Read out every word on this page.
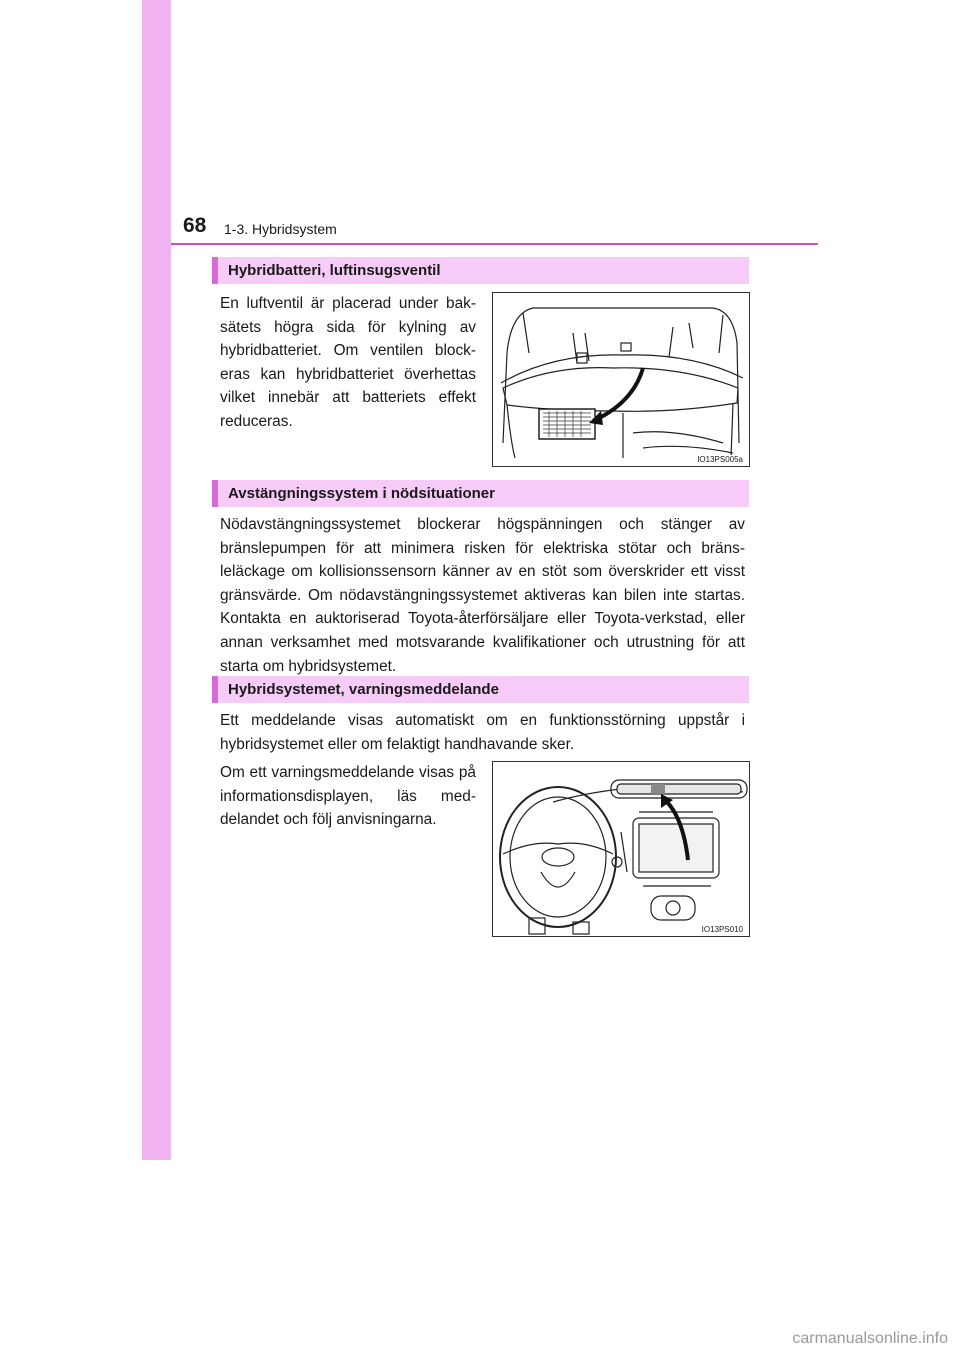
68 1-3. Hybridsystem
Hybridbatteri, luftinsugsventil

En luftventil är placerad under baksätets högra sida för kylning av hybridbatteriet. Om ventilen blockeras kan hybridbatteriet överhettas vilket innebär att batteriets effekt reduceras.

IO13PS005a
Avstängningssystem i nödsituationer

Nödavstängningssystemet blockerar högspänningen och stänger av bränslepumpen för att minimera risken för elektriska stötar och bränsleläckage om kollisionssensorn känner av en stöt som överskrider ett visst gränsvärde. Om nödavstängningssystemet aktiveras kan bilen inte startas. Kontakta en auktoriserad Toyota-återförsäljare eller Toyota-verkstad, eller annan verksamhet med motsvarande kvalifikationer och utrustning för att starta om hybridsystemet.

Hybridsystemet, varningsmeddelande

Ett meddelande visas automatiskt om en funktionsstörning uppstår i hybridsystemet eller om felaktigt handhavande sker.

Om ett varningsmeddelande visas på informationsdisplayen, läs meddelandet och följ anvisningarna.

IO13PS010
carmanualsonline.info
